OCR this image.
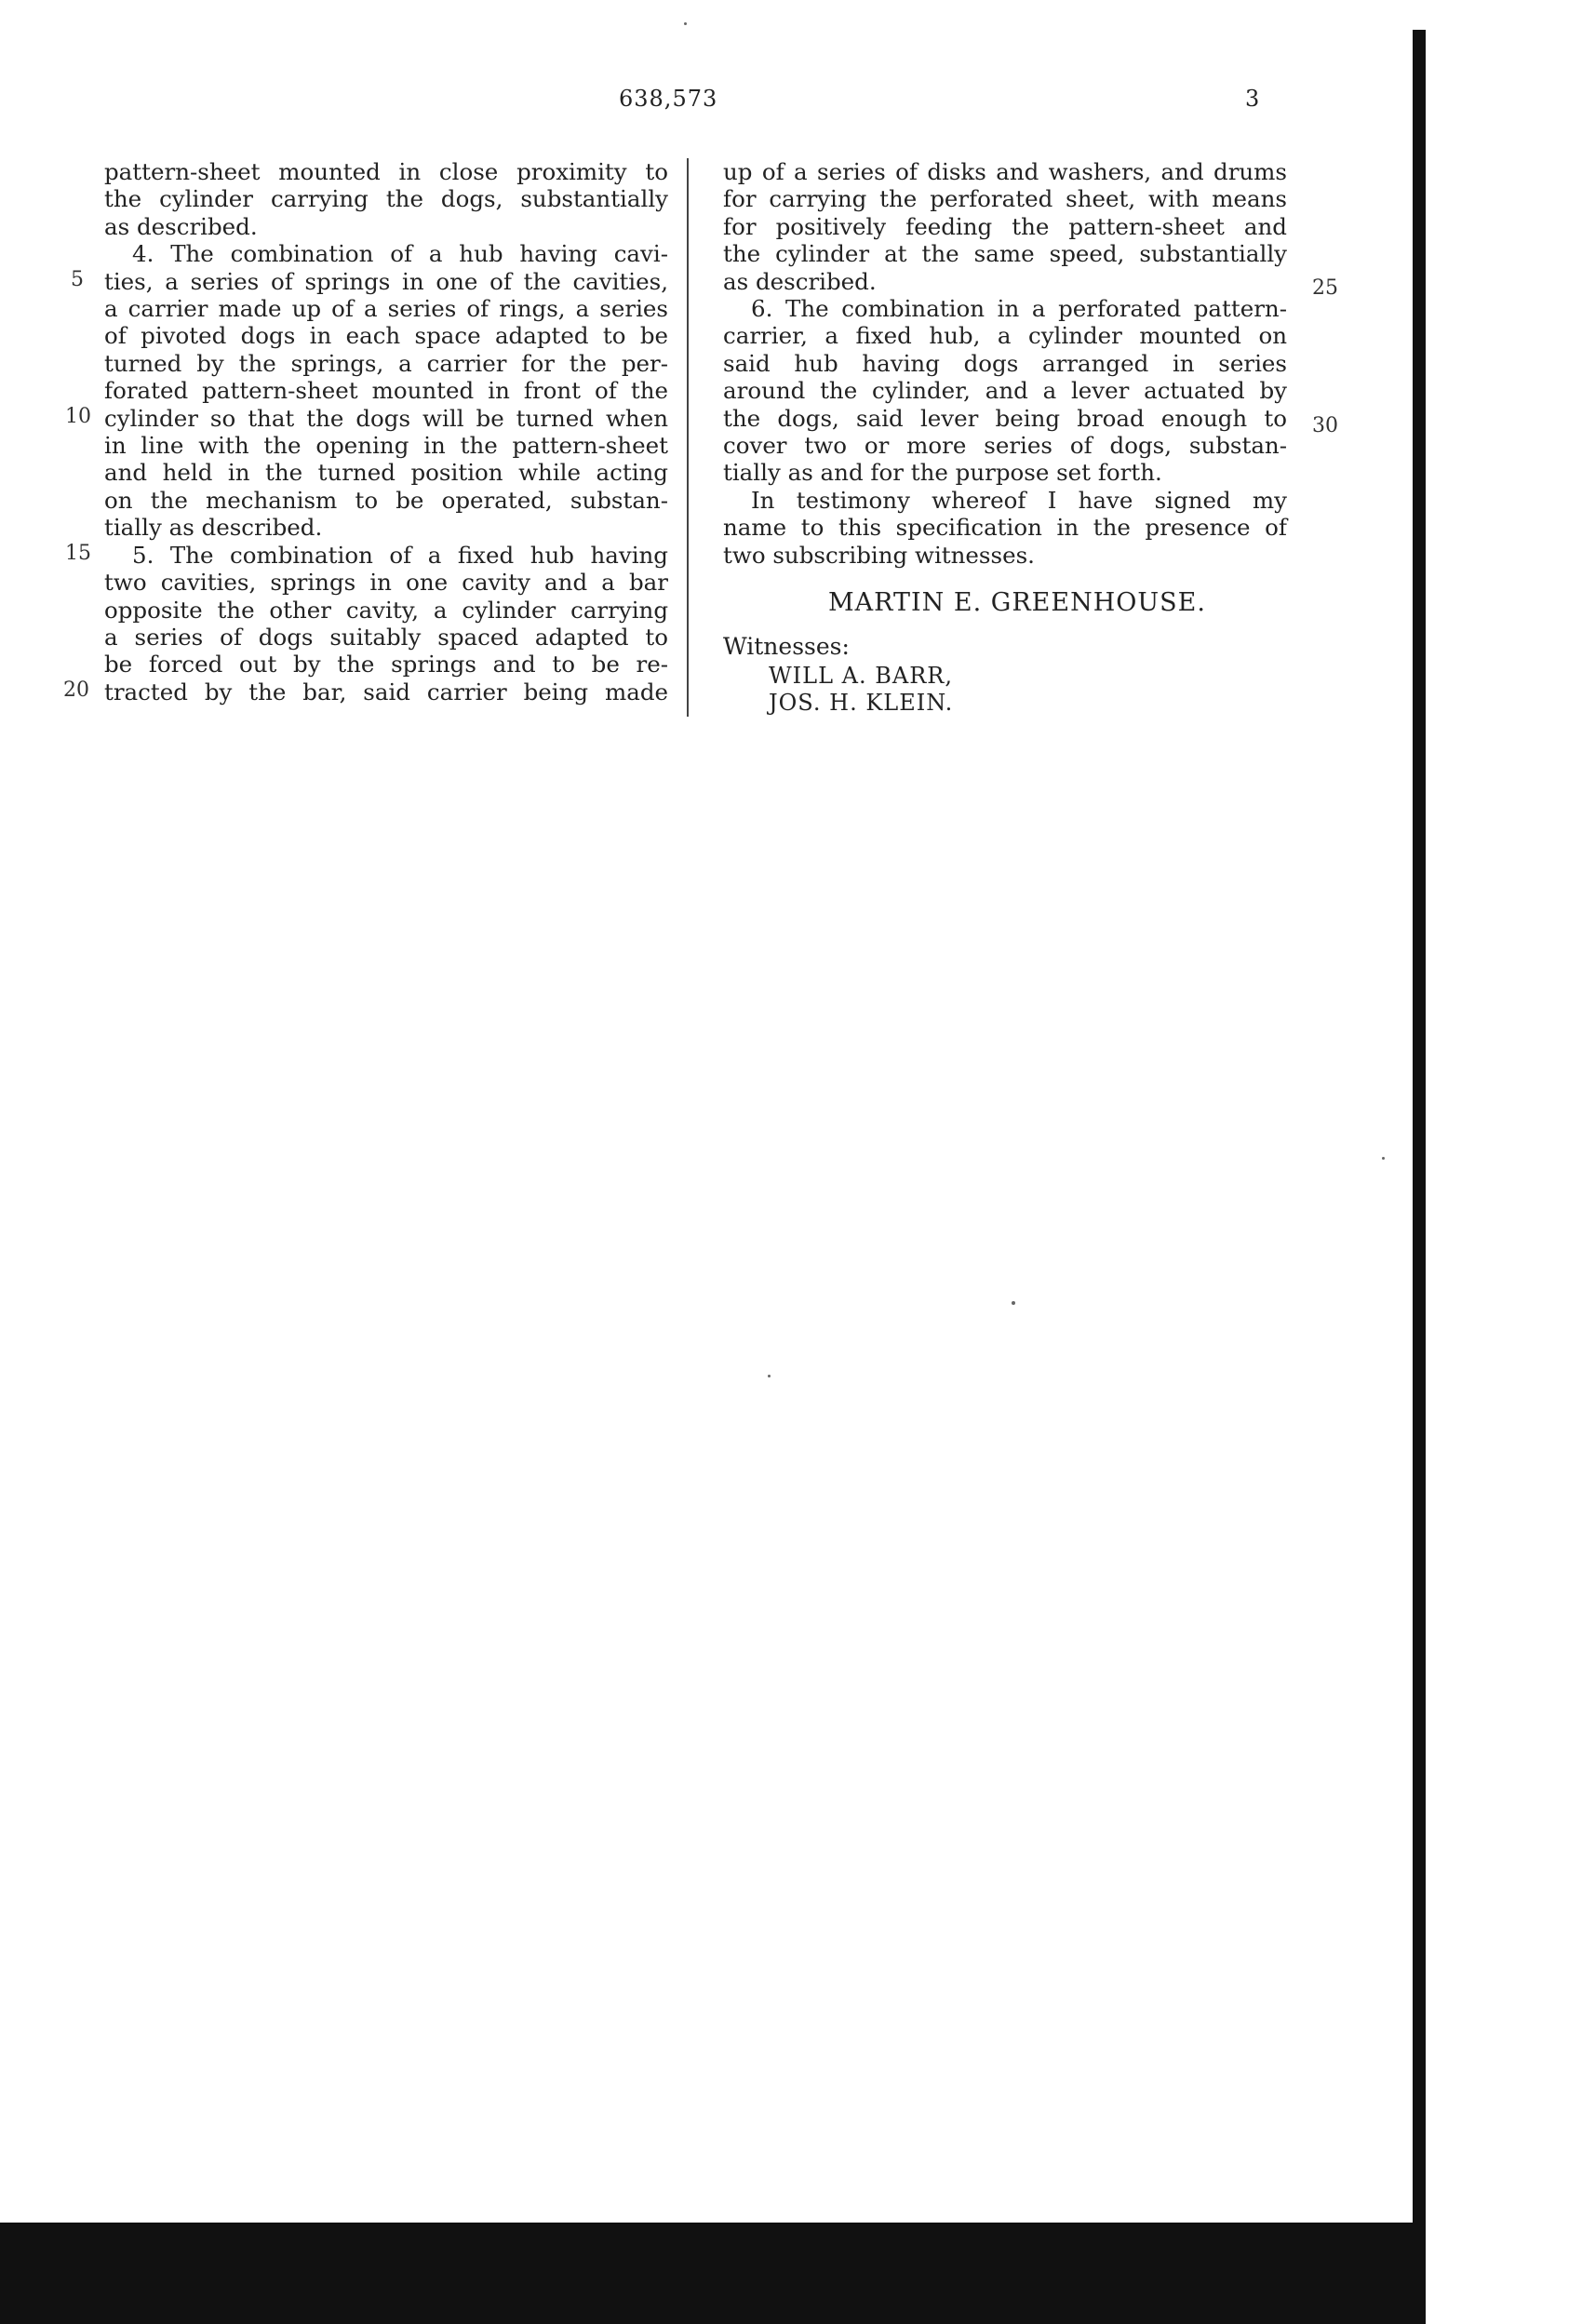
638,573	3
pattern-sheet mounted in close proximity to
the cylinder carrying the dogs, substantially
as described.
4. The combination of a hub having cavi-
ties, a series of springs in one of the cavities,
a carrier made up of a series of rings, a series
of pivoted dogs in each space adapted to be
turned by the springs, a carrier for the per-
forated pattern-sheet mounted in front of the
cylinder so that the dogs will be turned when
in line with the opening in the pattern-sheet
and held in the turned position while acting
on the mechanism to be operated, substan-
tially as described.
5. The combination of a fixed hub having
two cavities, springs in one cavity and a bar
opposite the other cavity, a cylinder carrying
a series of dogs suitably spaced adapted to
be forced out by the springs and to be re-
tracted by the bar, said carrier being made
up of a series of disks and washers, and drums
for carrying the perforated sheet, with means
for positively feeding the pattern-sheet and
the cylinder at the same speed, substantially
as described.
6. The combination in a perforated pattern-
carrier, a fixed hub, a cylinder mounted on
said hub having dogs arranged in series
around the cylinder, and a lever actuated by
the dogs, said lever being broad enough to
cover two or more series of dogs, substan-
tially as and for the purpose set forth.
In testimony whereof I have signed my
name to this specification in the presence of
two subscribing witnesses.
5
10
15
20
25
30
MARTIN E. GREENHOUSE.
Witnesses:
WILL A. BARR,
JOS. H. KLEIN.
